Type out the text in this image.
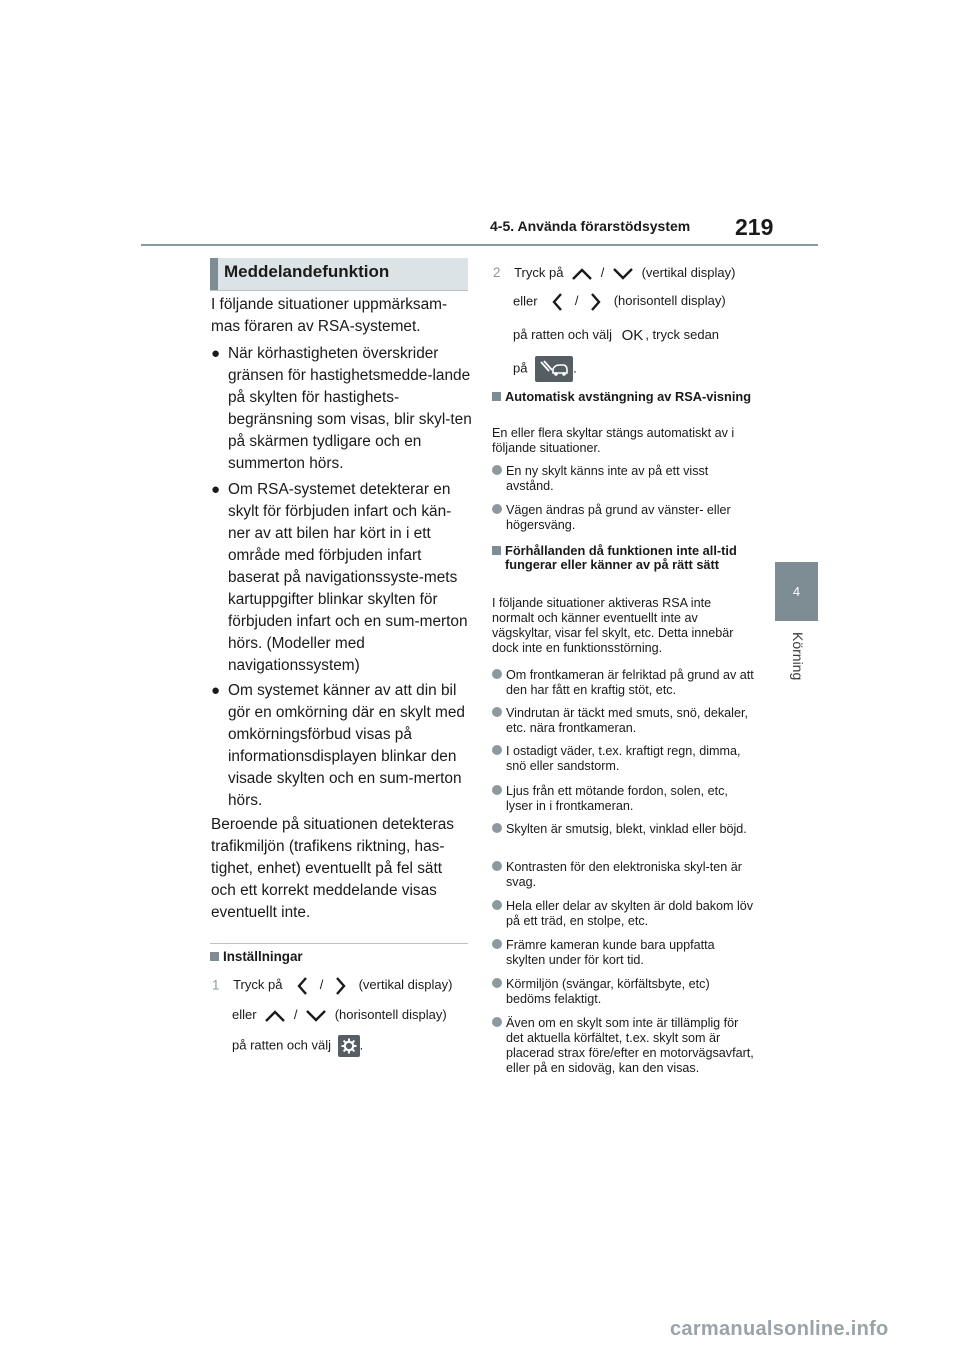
4-5. Använda förarstödsystem 219
4
Körning
Meddelandefunktion
I följande situationer uppmärksam-mas föraren av RSA-systemet.
● När körhastigheten överskrider gränsen för hastighetsmedde-lande på skylten för hastighets-begränsning som visas, blir skyl-ten på skärmen tydligare och en summerton hörs.
● Om RSA-systemet detekterar en skylt för förbjuden infart och kän-ner av att bilen har kört in i ett område med förbjuden infart baserat på navigationssyste-mets kartuppgifter blinkar skylten för förbjuden infart och en sum-merton hörs. (Modeller med navigationssystem)
● Om systemet känner av att din bil gör en omkörning där en skylt med omkörningsförbud visas på informationsdisplayen blinkar den visade skylten och en sum-merton hörs.
Beroende på situationen detekteras trafikmiljön (trafikens riktning, has-tighet, enhet) eventuellt på fel sätt och ett korrekt meddelande visas eventuellt inte.
Inställningar
1 Tryck på	/	(vertikal display)
eller	/	(horisontell display)
på ratten och välj .
2 Tryck på	/	(vertikal display)
eller	/	(horisontell display)
på ratten och välj OK , tryck sedan
på	.
Automatisk avstängning av RSA-visning
En eller flera skyltar stängs automatiskt av i följande situationer.
En ny skylt känns inte av på ett visst avstånd.
Vägen ändras på grund av vänster- eller högersväng.
Förhållanden då funktionen inte all-tid fungerar eller känner av på rätt sätt
I följande situationer aktiveras RSA inte normalt och känner eventuellt inte av vägskyltar, visar fel skylt, etc. Detta innebär dock inte en funktionsstörning.
Om frontkameran är felriktad på grund av att den har fått en kraftig stöt, etc.
Vindrutan är täckt med smuts, snö, dekaler, etc. nära frontkameran.
I ostadigt väder, t.ex. kraftigt regn, dimma, snö eller sandstorm.
Ljus från ett mötande fordon, solen, etc, lyser in i frontkameran.
Skylten är smutsig, blekt, vinklad eller böjd.
Kontrasten för den elektroniska skyl-ten är svag.
Hela eller delar av skylten är dold bakom löv på ett träd, en stolpe, etc.
Främre kameran kunde bara uppfatta skylten under för kort tid.
Körmiljön (svängar, körfältsbyte, etc) bedöms felaktigt.
Även om en skylt som inte är tillämplig för det aktuella körfältet, t.ex. skylt som är placerad strax före/efter en motorvägsavfart, eller på en sidoväg, kan den visas.
carmanualsonline.info
